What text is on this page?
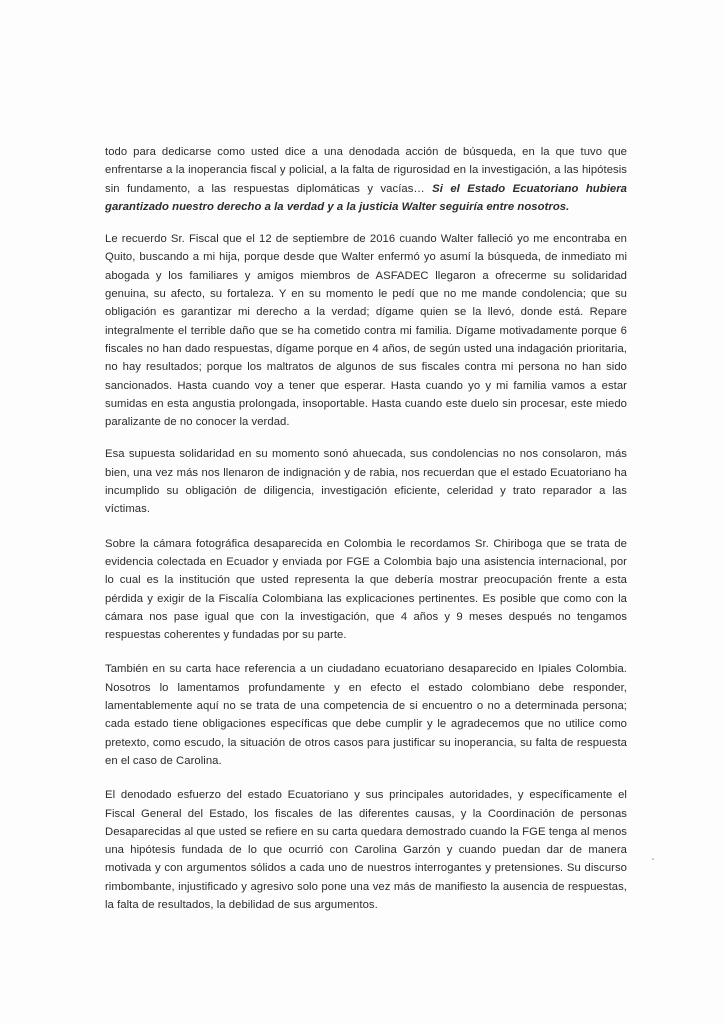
todo para dedicarse como usted dice a una denodada acción de búsqueda, en la que tuvo que enfrentarse a la inoperancia fiscal y policial, a la falta de rigurosidad en la investigación, a las hipótesis sin fundamento, a las respuestas diplomáticas y vacías… Si el Estado Ecuatoriano hubiera garantizado nuestro derecho a la verdad y a la justicia Walter seguiría entre nosotros.

Le recuerdo Sr. Fiscal que el 12 de septiembre de 2016 cuando Walter falleció yo me encontraba en Quito, buscando a mi hija, porque desde que Walter enfermó yo asumí la búsqueda, de inmediato mi abogada y los familiares y amigos miembros de ASFADEC llegaron a ofrecerme su solidaridad genuina, su afecto, su fortaleza. Y en su momento le pedí que no me mande condolencia; que su obligación es garantizar mi derecho a la verdad; dígame quien se la llevó, donde está. Repare integralmente el terrible daño que se ha cometido contra mi familia. Dígame motivadamente porque 6 fiscales no han dado respuestas, dígame porque en 4 años, de según usted una indagación prioritaria, no hay resultados; porque los maltratos de algunos de sus fiscales contra mi persona no han sido sancionados. Hasta cuando voy a tener que esperar. Hasta cuando yo y mi familia vamos a estar sumidas en esta angustia prolongada, insoportable. Hasta cuando este duelo sin procesar, este miedo paralizante de no conocer la verdad.

Esa supuesta solidaridad en su momento sonó ahuecada, sus condolencias no nos consolaron, más bien, una vez más nos llenaron de indignación y de rabia, nos recuerdan que el estado Ecuatoriano ha incumplido su obligación de diligencia, investigación eficiente, celeridad y trato reparador a las víctimas.

Sobre la cámara fotográfica desaparecida en Colombia le recordamos Sr. Chiriboga que se trata de evidencia colectada en Ecuador y enviada por FGE a Colombia bajo una asistencia internacional, por lo cual es la institución que usted representa la que debería mostrar preocupación frente a esta pérdida y exigir de la Fiscalía Colombiana las explicaciones pertinentes. Es posible que como con la cámara nos pase igual que con la investigación, que 4 años y 9 meses después no tengamos respuestas coherentes y fundadas por su parte.

También en su carta hace referencia a un ciudadano ecuatoriano desaparecido en Ipiales Colombia. Nosotros lo lamentamos profundamente y en efecto el estado colombiano debe responder, lamentablemente aquí no se trata de una competencia de si encuentro o no a determinada persona; cada estado tiene obligaciones específicas que debe cumplir y le agradecemos que no utilice como pretexto, como escudo, la situación de otros casos para justificar su inoperancia, su falta de respuesta en el caso de Carolina.

El denodado esfuerzo del estado Ecuatoriano y sus principales autoridades, y específicamente el Fiscal General del Estado, los fiscales de las diferentes causas, y la Coordinación de personas Desaparecidas al que usted se refiere en su carta quedara demostrado cuando la FGE tenga al menos una hipótesis fundada de lo que ocurrió con Carolina Garzón y cuando puedan dar de manera motivada y con argumentos sólidos a cada uno de nuestros interrogantes y pretensiones. Su discurso rimbombante, injustificado y agresivo solo pone una vez más de manifiesto la ausencia de respuestas, la falta de resultados, la debilidad de sus argumentos.
